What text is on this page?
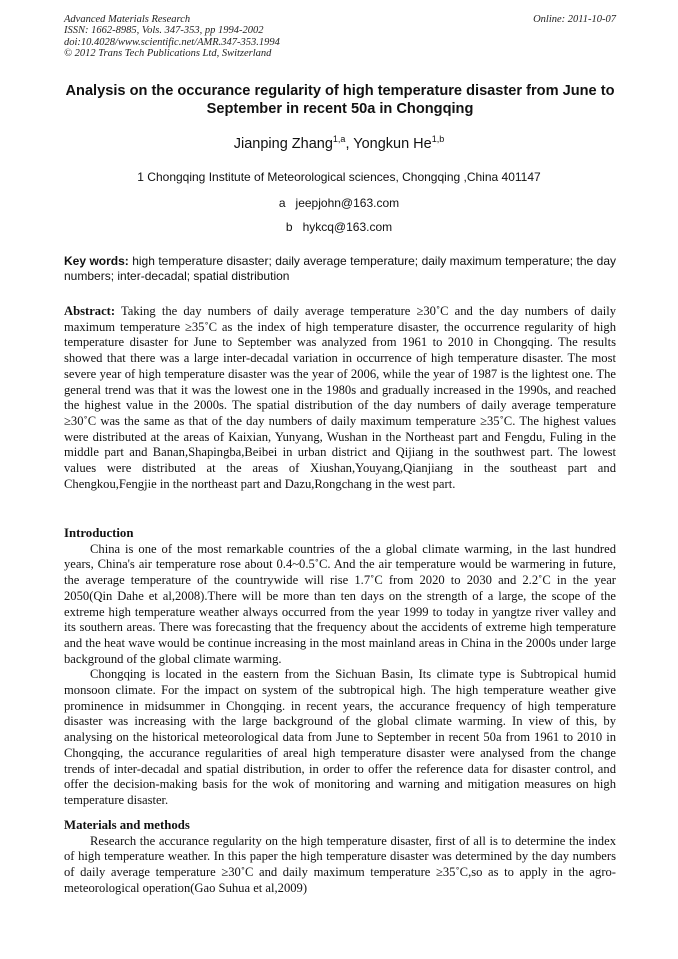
Advanced Materials Research
ISSN: 1662-8985, Vols. 347-353, pp 1994-2002
doi:10.4028/www.scientific.net/AMR.347-353.1994
© 2012 Trans Tech Publications Ltd, Switzerland
Online: 2011-10-07
Analysis on the occurance regularity of high temperature disaster from June to September in recent 50a in Chongqing
Jianping Zhang$^{1,a}$, Yongkun He$^{1,b}$
1 Chongqing Institute of Meteorological sciences, Chongqing ,China 401147
a jeepjohn@163.com
b hykcq@163.com
Key words: high temperature disaster; daily average temperature; daily maximum temperature; the day numbers; inter-decadal; spatial distribution
Abstract: Taking the day numbers of daily average temperature ≥30˚C and the day numbers of daily maximum temperature ≥35˚C as the index of high temperature disaster, the occurrence regularity of high temperature disaster for June to September was analyzed from 1961 to 2010 in Chongqing. The results showed that there was a large inter-decadal variation in occurrence of high temperature disaster. The most severe year of high temperature disaster was the year of 2006, while the year of 1987 is the lightest one. The general trend was that it was the lowest one in the 1980s and gradually increased in the 1990s, and reached the highest value in the 2000s. The spatial distribution of the day numbers of daily average temperature ≥30˚C was the same as that of the day numbers of daily maximum temperature ≥35˚C. The highest values were distributed at the areas of Kaixian, Yunyang, Wushan in the Northeast part and Fengdu, Fuling in the middle part and Banan,Shapingba,Beibei in urban district and Qijiang in the southwest part. The lowest values were distributed at the areas of Xiushan,Youyang,Qianjiang in the southeast part and Chengkou,Fengjie in the northeast part and Dazu,Rongchang in the west part.
Introduction

China is one of the most remarkable countries of the a global climate warming, in the last hundred years, China's air temperature rose about 0.4~0.5˚C. And the air temperature would be warmering in future, the average temperature of the countrywide will rise 1.7˚C from 2020 to 2030 and 2.2˚C in the year 2050(Qin Dahe et al,2008).There will be more than ten days on the strength of a large, the scope of the extreme high temperature weather always occurred from the year 1999 to today in yangtze river valley and its southern areas. There was forecasting that the frequency about the accidents of extreme high temperature and the heat wave would be continue increasing in the most mainland areas in China in the 2000s under large background of the global climate warming.

Chongqing is located in the eastern from the Sichuan Basin, Its climate type is Subtropical humid monsoon climate. For the impact on system of the subtropical high. The high temperature weather give prominence in midsummer in Chongqing. in recent years, the accurance frequency of high temperature disaster was increasing with the large background of the global climate warming. In view of this, by analysing on the historical meteorological data from June to September in recent 50a from 1961 to 2010 in Chongqing, the accurance regularities of areal high temperature disaster were analysed from the change trends of inter-decadal and spatial distribution, in order to offer the reference data for disaster control, and offer the decision-making basis for the wok of monitoring and warning and mitigation measures on high temperature disaster.

Materials and methods

Research the accurance regularity on the high temperature disaster, first of all is to determine the index of high temperature weather. In this paper the high temperature disaster was determined by the day numbers of daily average temperature ≥30˚C and daily maximum temperature ≥35˚C,so as to apply in the agro-meteorological operation(Gao Suhua et al,2009)
